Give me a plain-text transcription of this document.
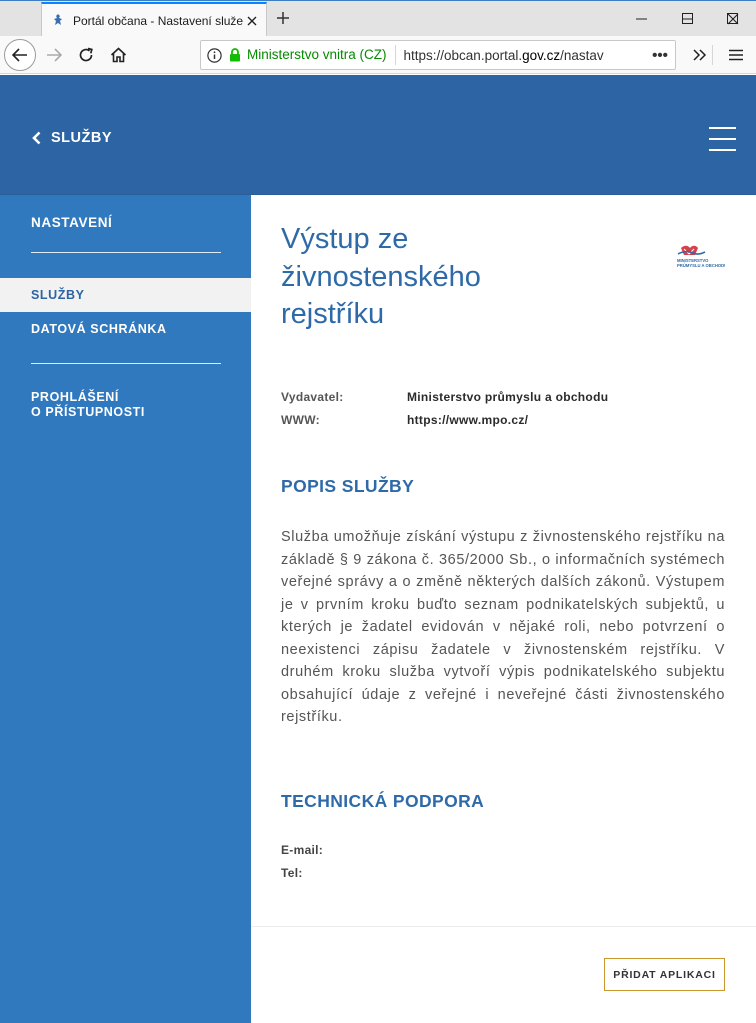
Portál občana - Nastavení služe
Ministerstvo vnitra (CZ)	https://obcan.portal.gov.cz/nastav	•••
SLUŽBY
NASTAVENÍ
SLUŽBY
DATOVÁ SCHRÁNKA
PROHLÁŠENÍ
O PŘÍSTUPNOSTI
Výstup ze živnostenského rejstříku
MINISTERSTVO
PRŮMYSLU A OBCHODU
Vydavatel:	Ministerstvo průmyslu a obchodu
WWW:	https://www.mpo.cz/
POPIS SLUŽBY

Služba umožňuje získání výstupu z živnostenského rejstříku na základě § 9 zákona č. 365/2000 Sb., o informačních systémech veřejné správy a o změně některých dalších zákonů. Výstupem je v prvním kroku buďto seznam podnikatelských subjektů, u kterých je žadatel evidován v nějaké roli, nebo potvrzení o neexistenci zápisu žadatele v živnostenském rejstříku. V druhém kroku služba vytvoří výpis podnikatelského subjektu obsahující údaje z veřejné i neveřejné části živnostenského rejstříku.

TECHNICKÁ PODPORA
E-mail:
Tel:
PŘIDAT APLIKACI
